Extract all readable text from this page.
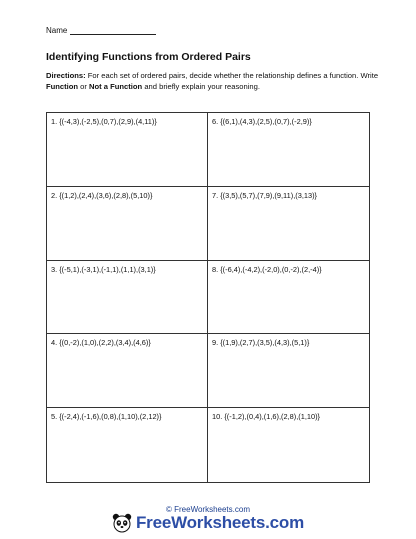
Name
Identifying Functions from Ordered Pairs
Directions: For each set of ordered pairs, decide whether the relationship defines a function. Write Function or Not a Function and briefly explain your reasoning.
1. {(-4,3),(-2,5),(0,7),(2,9),(4,11)}	6. {(6,1),(4,3),(2,5),(0,7),(-2,9)}
2. {(1,2),(2,4),(3,6),(2,8),(5,10)}	7. {(3,5),(5,7),(7,9),(9,11),(3,13)}
3. {(-5,1),(-3,1),(-1,1),(1,1),(3,1)}	8. {(-6,4),(-4,2),(-2,0),(0,-2),(2,-4)}
4. {(0,-2),(1,0),(2,2),(3,4),(4,6)}	9. {(1,9),(2,7),(3,5),(4,3),(5,1)}
5. {(-2,4),(-1,6),(0,8),(1,10),(2,12)}	10. {(-1,2),(0,4),(1,6),(2,8),(1,10)}
© FreeWorksheets.com
FreeWorksheets.com
